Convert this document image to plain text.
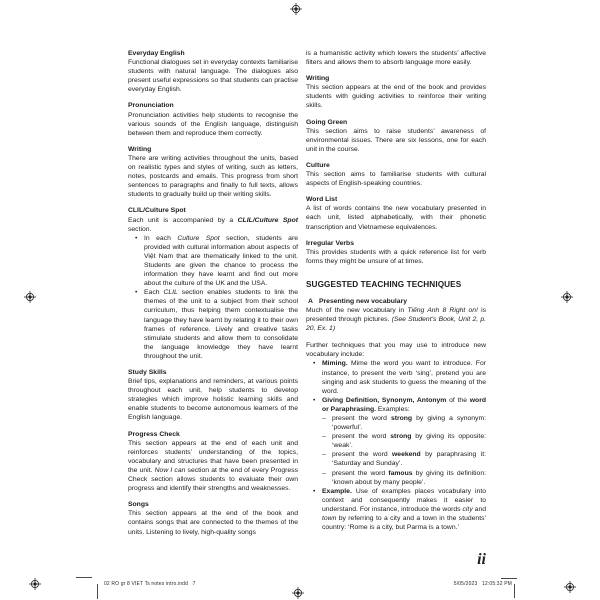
Everyday English
Functional dialogues set in everyday contexts familiarise students with natural language. The dialogues also present useful expressions so that students can practise everyday English.
Pronunciation
Pronunciation activities help students to recognise the various sounds of the English language, distinguish between them and reproduce them correctly.
Writing
There are writing activities throughout the units, based on realistic types and styles of writing, such as letters, notes, postcards and emails. This progress from short sentences to paragraphs and finally to full texts, allows students to gradually build up their writing skills.
CLIL/Culture Spot
Each unit is accompanied by a CLIL/Culture Spot section.
• In each Culture Spot section, students are provided with cultural information about aspects of Việt Nam that are thematically linked to the unit. Students are given the chance to process the information they have learnt and find out more about the culture of the UK and the USA.
• Each CLIL section enables students to link the themes of the unit to a subject from their school curriculum, thus helping them contextualise the language they have learnt by relating it to their own frames of reference. Lively and creative tasks stimulate students and allow them to consolidate the language knowledge they have learnt throughout the unit.
Study Skills
Brief tips, explanations and reminders, at various points throughout each unit, help students to develop strategies which improve holistic learning skills and enable students to become autonomous learners of the English language.
Progress Check
This section appears at the end of each unit and reinforces students’ understanding of the topics, vocabulary and structures that have been presented in the unit. Now I can section at the end of every Progress Check section allows students to evaluate their own progress and identify their strengths and weaknesses.
Songs
This section appears at the end of the book and contains songs that are connected to the themes of the units. Listening to lively, high-quality songs
is a humanistic activity which lowers the students’ affective filters and allows them to absorb language more easily.
Writing
This section appears at the end of the book and provides students with guiding activities to reinforce their writing skills.
Going Green
This section aims to raise students’ awareness of environmental issues. There are six lessons, one for each unit in the course.
Culture
This section aims to familiarise students with cultural aspects of English-speaking countries.
Word List
A list of words contains the new vocabulary presented in each unit, listed alphabetically, with their phonetic transcription and Vietnamese equivalences.
Irregular Verbs
This provides students with a quick reference list for verb forms they might be unsure of at times.
SUGGESTED TEACHING TECHNIQUES
A Presenting new vocabulary
Much of the new vocabulary in Tiếng Anh 8 Right on! is presented through pictures. (See Student’s Book, Unit 2, p. 20, Ex. 1)
Further techniques that you may use to introduce new vocabulary include:
• Miming. Mime the word you want to introduce. For instance, to present the verb ‘sing’, pretend you are singing and ask students to guess the meaning of the word.
• Giving Definition, Synonym, Antonym of the word or Paraphrasing. Examples:
– present the word strong by giving a synonym: ‘powerful’.
– present the word strong by giving its opposite: ‘weak’.
– present the word weekend by paraphrasing it: ‘Saturday and Sunday’.
– present the word famous by giving its definition: ‘known about by many people’.
• Example. Use of examples places vocabulary into context and consequently makes it easier to understand. For instance, introduce the words city and town by referring to a city and a town in the students’ country: ‘Rome is a city, but Parma is a town.’
ii
02 RO gr 8 VIET Ts notes intro.indd   7	5/05/2023   12:05:32 PM
